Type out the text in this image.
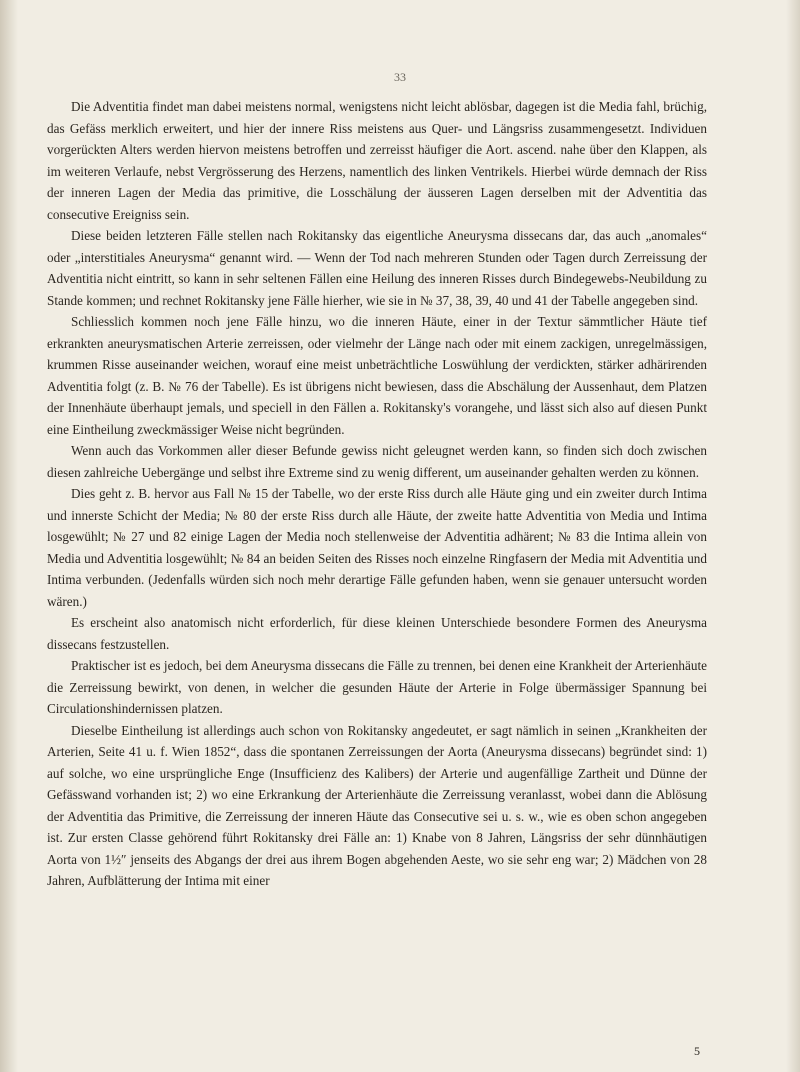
33

Die Adventitia findet man dabei meistens normal, wenigstens nicht leicht ablösbar, dagegen ist die Media fahl, brüchig, das Gefäss merklich erweitert, und hier der innere Riss meistens aus Quer- und Längsriss zusammengesetzt. Individuen vorgerückten Alters werden hiervon meistens betroffen und zerreisst häufiger die Aort. ascend. nahe über den Klappen, als im weiteren Verlaufe, nebst Vergrösserung des Herzens, namentlich des linken Ventrikels. Hierbei würde demnach der Riss der inneren Lagen der Media das primitive, die Losschälung der äusseren Lagen derselben mit der Adventitia das consecutive Ereigniss sein.

Diese beiden letzteren Fälle stellen nach Rokitansky das eigentliche Aneurysma dissecans dar, das auch „anomales“ oder „interstitiales Aneurysma“ genannt wird. — Wenn der Tod nach mehreren Stunden oder Tagen durch Zerreissung der Adventitia nicht eintritt, so kann in sehr seltenen Fällen eine Heilung des inneren Risses durch Bindegewebs-Neubildung zu Stande kommen; und rechnet Rokitansky jene Fälle hierher, wie sie in № 37, 38, 39, 40 und 41 der Tabelle angegeben sind.

Schliesslich kommen noch jene Fälle hinzu, wo die inneren Häute, einer in der Textur sämmtlicher Häute tief erkrankten aneurysmatischen Arterie zerreissen, oder vielmehr der Länge nach oder mit einem zackigen, unregelmässigen, krummen Risse auseinander weichen, worauf eine meist unbeträchtliche Loswühlung der verdickten, stärker adhärirenden Adventitia folgt (z. B. № 76 der Tabelle). Es ist übrigens nicht bewiesen, dass die Abschälung der Aussenhaut, dem Platzen der Innenhäute überhaupt jemals, und speciell in den Fällen a. Rokitansky's vorangehe, und lässt sich also auf diesen Punkt eine Eintheilung zweckmässiger Weise nicht begründen.

Wenn auch das Vorkommen aller dieser Befunde gewiss nicht geleugnet werden kann, so finden sich doch zwischen diesen zahlreiche Uebergänge und selbst ihre Extreme sind zu wenig different, um auseinander gehalten werden zu können.

Dies geht z. B. hervor aus Fall № 15 der Tabelle, wo der erste Riss durch alle Häute ging und ein zweiter durch Intima und innerste Schicht der Media; № 80 der erste Riss durch alle Häute, der zweite hatte Adventitia von Media und Intima losgewühlt; № 27 und 82 einige Lagen der Media noch stellenweise der Adventitia adhärent; № 83 die Intima allein von Media und Adventitia losgewühlt; № 84 an beiden Seiten des Risses noch einzelne Ringfasern der Media mit Adventitia und Intima verbunden. (Jedenfalls würden sich noch mehr derartige Fälle gefunden haben, wenn sie genauer untersucht worden wären.)

Es erscheint also anatomisch nicht erforderlich, für diese kleinen Unterschiede besondere Formen des Aneurysma dissecans festzustellen.

Praktischer ist es jedoch, bei dem Aneurysma dissecans die Fälle zu trennen, bei denen eine Krankheit der Arterienhäute die Zerreissung bewirkt, von denen, in welcher die gesunden Häute der Arterie in Folge übermässiger Spannung bei Circulationshindernissen platzen.

Dieselbe Eintheilung ist allerdings auch schon von Rokitansky angedeutet, er sagt nämlich in seinen „Krankheiten der Arterien, Seite 41 u. f. Wien 1852“, dass die spontanen Zerreissungen der Aorta (Aneurysma dissecans) begründet sind: 1) auf solche, wo eine ursprüngliche Enge (Insufficienz des Kalibers) der Arterie und augenfällige Zartheit und Dünne der Gefässwand vorhanden ist; 2) wo eine Erkrankung der Arterienhäute die Zerreissung veranlasst, wobei dann die Ablösung der Adventitia das Primitive, die Zerreissung der inneren Häute das Consecutive sei u. s. w., wie es oben schon angegeben ist. Zur ersten Classe gehörend führt Rokitansky drei Fälle an: 1) Knabe von 8 Jahren, Längsriss der sehr dünnhäutigen Aorta von 1½″ jenseits des Abgangs der drei aus ihrem Bogen abgehenden Aeste, wo sie sehr eng war; 2) Mädchen von 28 Jahren, Aufblätterung der Intima mit einer

5
